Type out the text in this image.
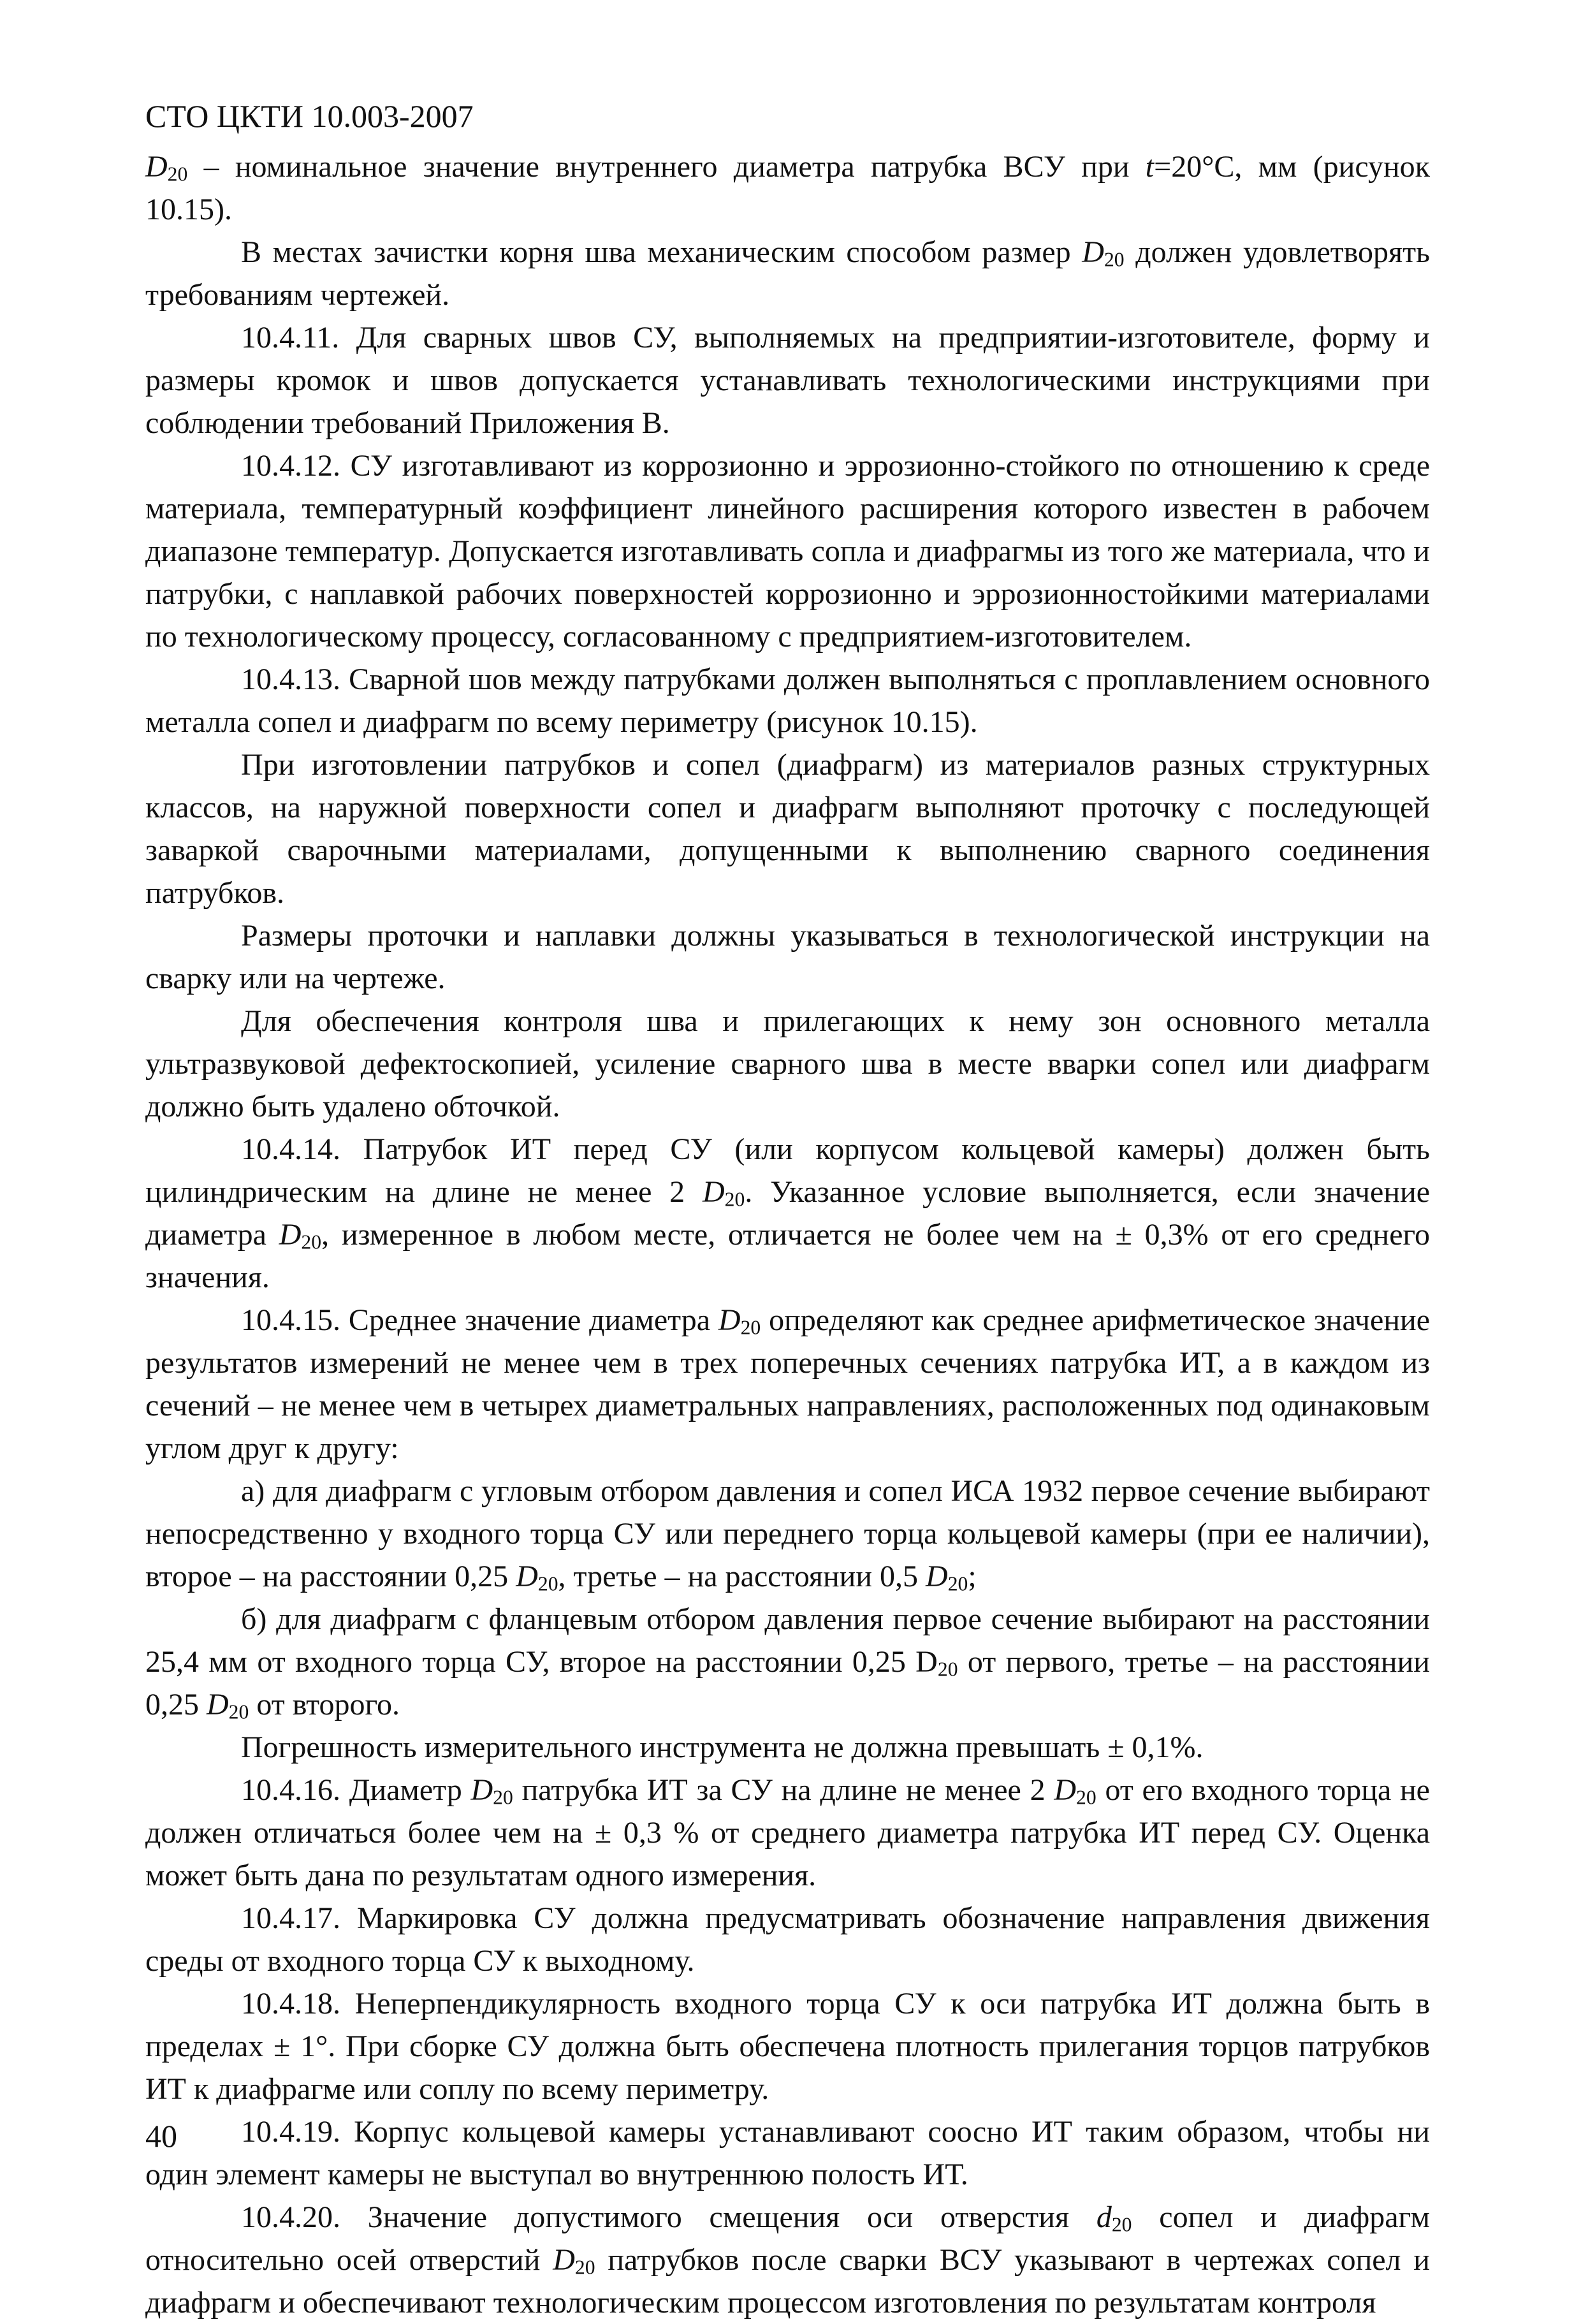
СТО ЦКТИ 10.003-2007

$D_{20}$ – номинальное значение внутреннего диаметра патрубка ВСУ при t=20°С, мм (рисунок 10.15).

В местах зачистки корня шва механическим способом размер $D_{20}$ должен удовлетворять требованиям чертежей.

10.4.11. Для сварных швов СУ, выполняемых на предприятии-изготовителе, форму и размеры кромок и швов допускается устанавливать технологическими инструкциями при соблюдении требований Приложения В.

10.4.12. СУ изготавливают из коррозионно и эррозионно-стойкого по отношению к среде материала, температурный коэффициент линейного расширения которого известен в рабочем диапазоне температур. Допускается изготавливать сопла и диафрагмы из того же материала, что и патрубки, с наплавкой рабочих поверхностей коррозионно и эррозионностойкими материалами по технологическому процессу, согласованному с предприятием-изготовителем.

10.4.13. Сварной шов между патрубками должен выполняться с проплавлением основного металла сопел и диафрагм по всему периметру (рисунок 10.15).

При изготовлении патрубков и сопел (диафрагм) из материалов разных структурных классов, на наружной поверхности сопел и диафрагм выполняют проточку с последующей заваркой сварочными материалами, допущенными к выполнению сварного соединения патрубков.

Размеры проточки и наплавки должны указываться в технологической инструкции на сварку или на чертеже.

Для обеспечения контроля шва и прилегающих к нему зон основного металла ультразвуковой дефектоскопией, усиление сварного шва в месте вварки сопел или диафрагм должно быть удалено обточкой.

10.4.14. Патрубок ИТ перед СУ (или корпусом кольцевой камеры) должен быть цилиндрическим на длине не менее 2 $D_{20}$. Указанное условие выполняется, если значение диаметра $D_{20}$, измеренное в любом месте, отличается не более чем на ± 0,3% от его среднего значения.

10.4.15. Среднее значение диаметра $D_{20}$ определяют как среднее арифметическое значение результатов измерений не менее чем в трех поперечных сечениях патрубка ИТ, а в каждом из сечений – не менее чем в четырех диаметральных направлениях, расположенных под одинаковым углом друг к другу:

а) для диафрагм с угловым отбором давления и сопел ИСА 1932 первое сечение выбирают непосредственно у входного торца СУ или переднего торца кольцевой камеры (при ее наличии), второе – на расстоянии 0,25 $D_{20}$, третье – на расстоянии 0,5 $D_{20}$;

б) для диафрагм с фланцевым отбором давления первое сечение выбирают на расстоянии 25,4 мм от входного торца СУ, второе на расстоянии 0,25 $D_{20}$ от первого, третье – на расстоянии 0,25 $D_{20}$ от второго.

Погрешность измерительного инструмента не должна превышать ± 0,1%.

10.4.16. Диаметр $D_{20}$ патрубка ИТ за СУ на длине не менее 2 $D_{20}$ от его входного торца не должен отличаться более чем на ± 0,3 % от среднего диаметра патрубка ИТ перед СУ. Оценка может быть дана по результатам одного измерения.

10.4.17. Маркировка СУ должна предусматривать обозначение направления движения среды от входного торца СУ к выходному.

10.4.18. Неперпендикулярность входного торца СУ к оси патрубка ИТ должна быть в пределах ± 1°. При сборке СУ должна быть обеспечена плотность прилегания торцов патрубков ИТ к диафрагме или соплу по всему периметру.

10.4.19. Корпус кольцевой камеры устанавливают соосно ИТ таким образом, чтобы ни один элемент камеры не выступал во внутреннюю полость ИТ.

10.4.20. Значение допустимого смещения оси отверстия $d_{20}$ сопел и диафрагм относительно осей отверстий $D_{20}$ патрубков после сварки ВСУ указывают в чертежах сопел и диафрагм и обеспечивают технологическим процессом изготовления по результатам контроля

40
